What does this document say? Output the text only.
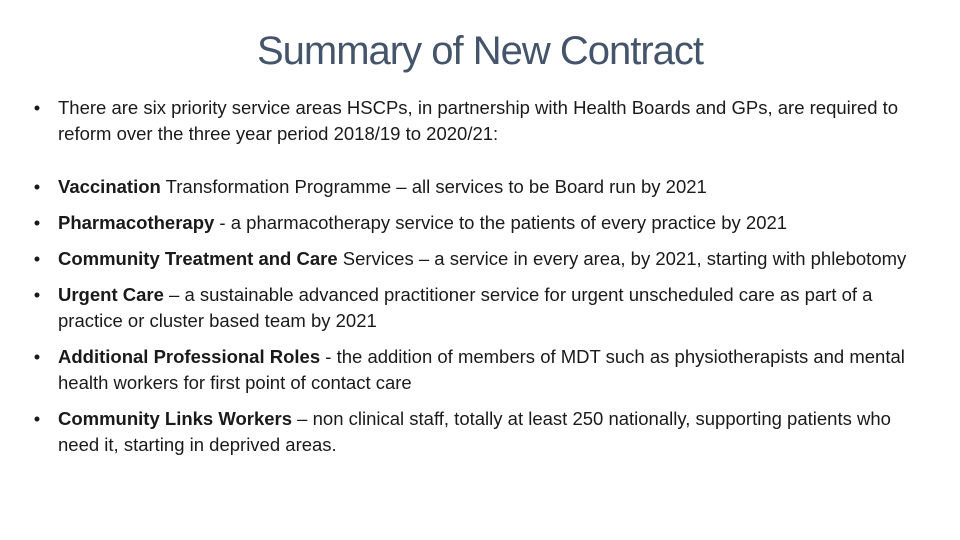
Summary of New Contract
• There are six priority service areas HSCPs, in partnership with Health Boards and GPs, are required to reform over the three year period 2018/19 to 2020/21:
• Vaccination Transformation Programme – all services to be Board run by 2021
• Pharmacotherapy - a pharmacotherapy service to the patients of every practice by 2021
• Community Treatment and Care Services – a service in every area, by 2021, starting with phlebotomy
• Urgent Care – a sustainable advanced practitioner service for urgent unscheduled care as part of a practice or cluster based team by 2021
• Additional Professional Roles - the addition of members of MDT such as physiotherapists and mental health workers for first point of contact care
• Community Links Workers – non clinical staff, totally at least 250 nationally, supporting patients who need it, starting in deprived areas.
